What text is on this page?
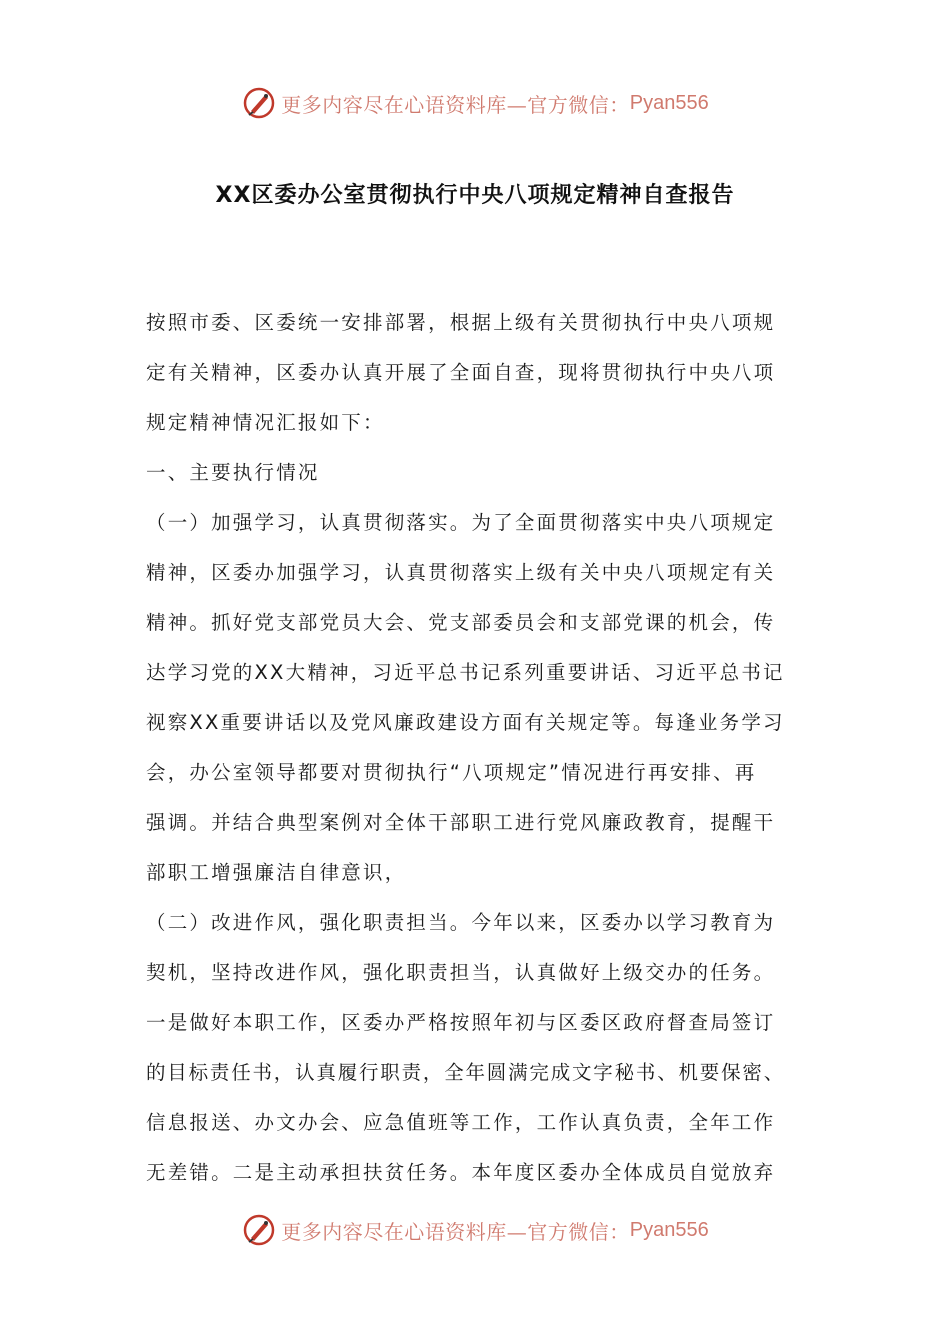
更多内容尽在心语资料库—官方微信： Pyan556
XX区委办公室贯彻执行中央八项规定精神自查报告
按照市委、区委统一安排部署，根据上级有关贯彻执行中央八项规
定有关精神，区委办认真开展了全面自查，现将贯彻执行中央八项
规定精神情况汇报如下：
一、主要执行情况
（一）加强学习，认真贯彻落实。为了全面贯彻落实中央八项规定
精神，区委办加强学习，认真贯彻落实上级有关中央八项规定有关
精神。抓好党支部党员大会、党支部委员会和支部党课的机会，传
达学习党的XX大精神，习近平总书记系列重要讲话、习近平总书记
视察XX重要讲话以及党风廉政建设方面有关规定等。每逢业务学习
会，办公室领导都要对贯彻执行“八项规定”情况进行再安排、再
强调。并结合典型案例对全体干部职工进行党风廉政教育，提醒干
部职工增强廉洁自律意识，
（二）改进作风，强化职责担当。今年以来，区委办以学习教育为
契机，坚持改进作风，强化职责担当，认真做好上级交办的任务。
一是做好本职工作，区委办严格按照年初与区委区政府督查局签订
的目标责任书，认真履行职责，全年圆满完成文字秘书、机要保密、
信息报送、办文办会、应急值班等工作，工作认真负责，全年工作
无差错。二是主动承担扶贫任务。本年度区委办全体成员自觉放弃
更多内容尽在心语资料库—官方微信： Pyan556
